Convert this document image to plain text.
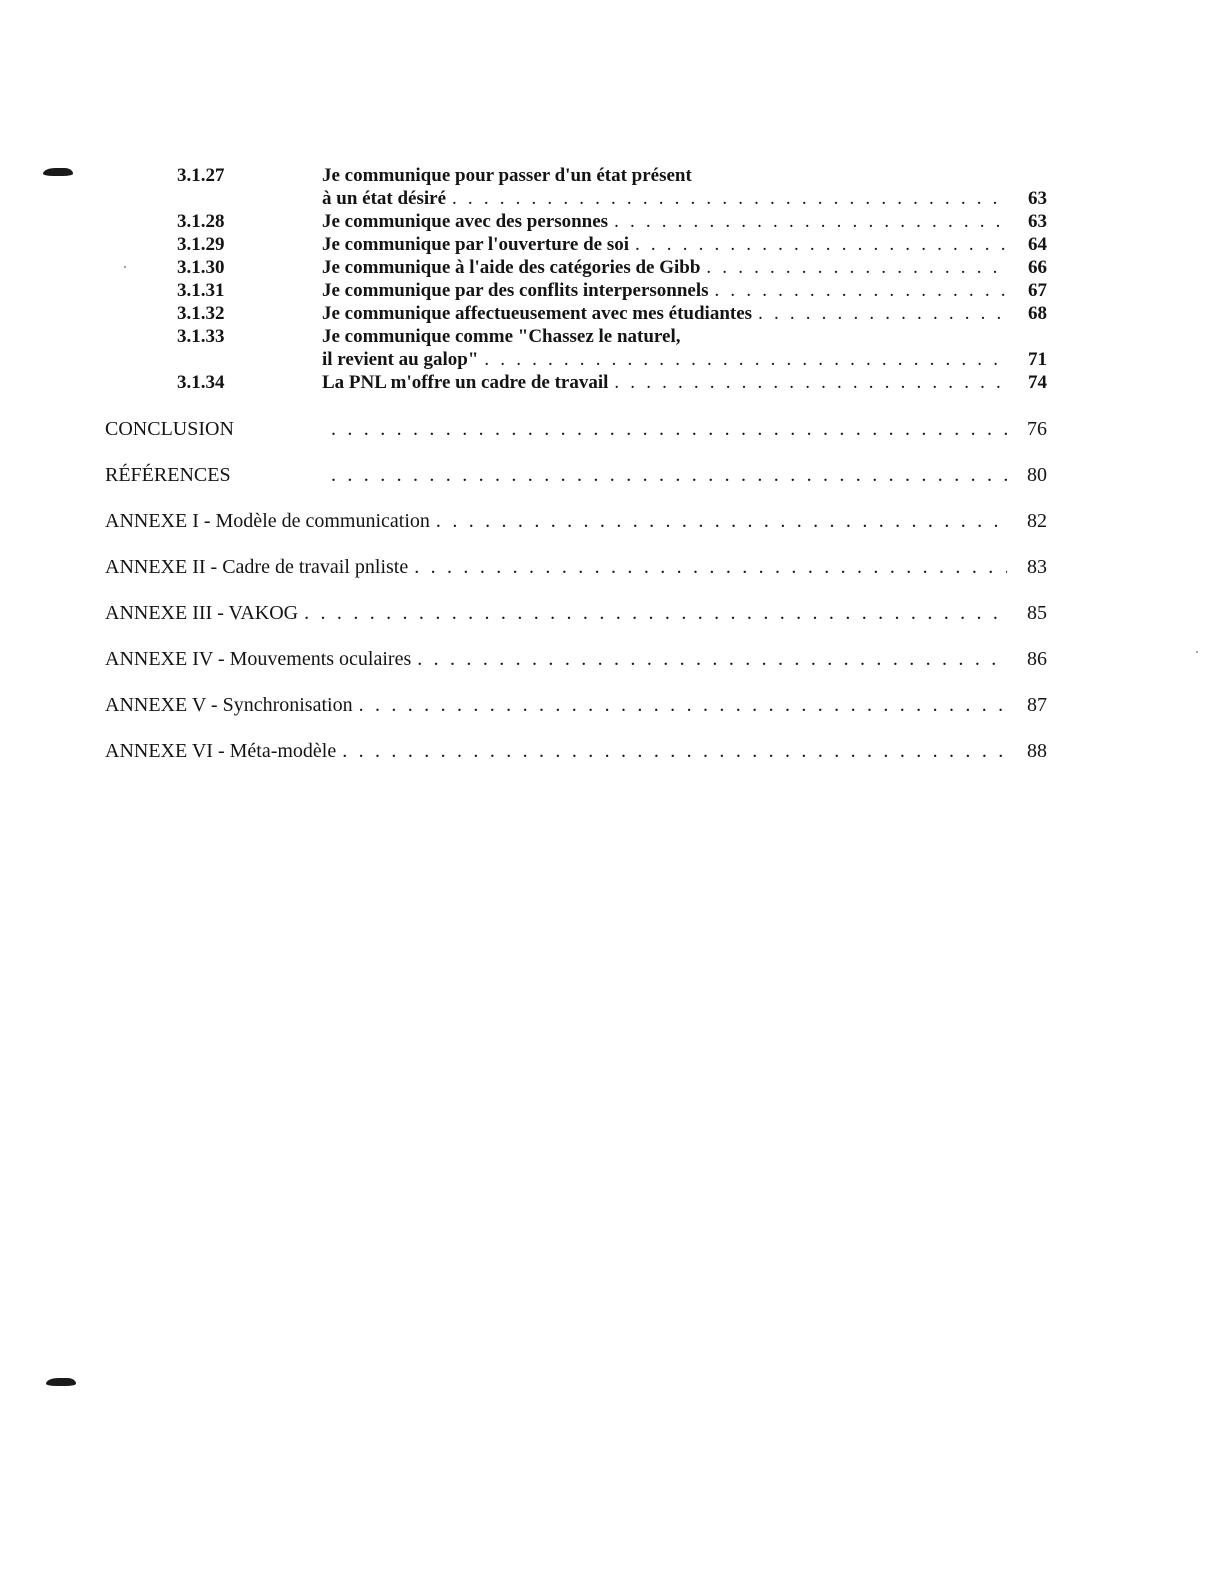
3.1.27	Je communique pour passer d'un état présent
à un état désiré . . .	63
3.1.28	Je communique avec des personnes . . .	63
3.1.29	Je communique par l'ouverture de soi . . .	64
3.1.30	Je communique à l'aide des catégories de Gibb . . .	66
3.1.31	Je communique par des conflits interpersonnels . . .	67
3.1.32	Je communique affectueusement avec mes étudiantes . . .	68
3.1.33	Je communique comme "Chassez le naturel,
il revient au galop" . . .	71
3.1.34	La PNL m'offre un cadre de travail . . .	74
CONCLUSION . . .	76
RÉFÉRENCES . . .	80
ANNEXE I - Modèle de communication . . .	82
ANNEXE II - Cadre de travail pnliste . . .	83
ANNEXE III - VAKOG . . .	85
ANNEXE IV - Mouvements oculaires . . .	86
ANNEXE V - Synchronisation . . .	87
ANNEXE VI - Méta-modèle . . .	88
